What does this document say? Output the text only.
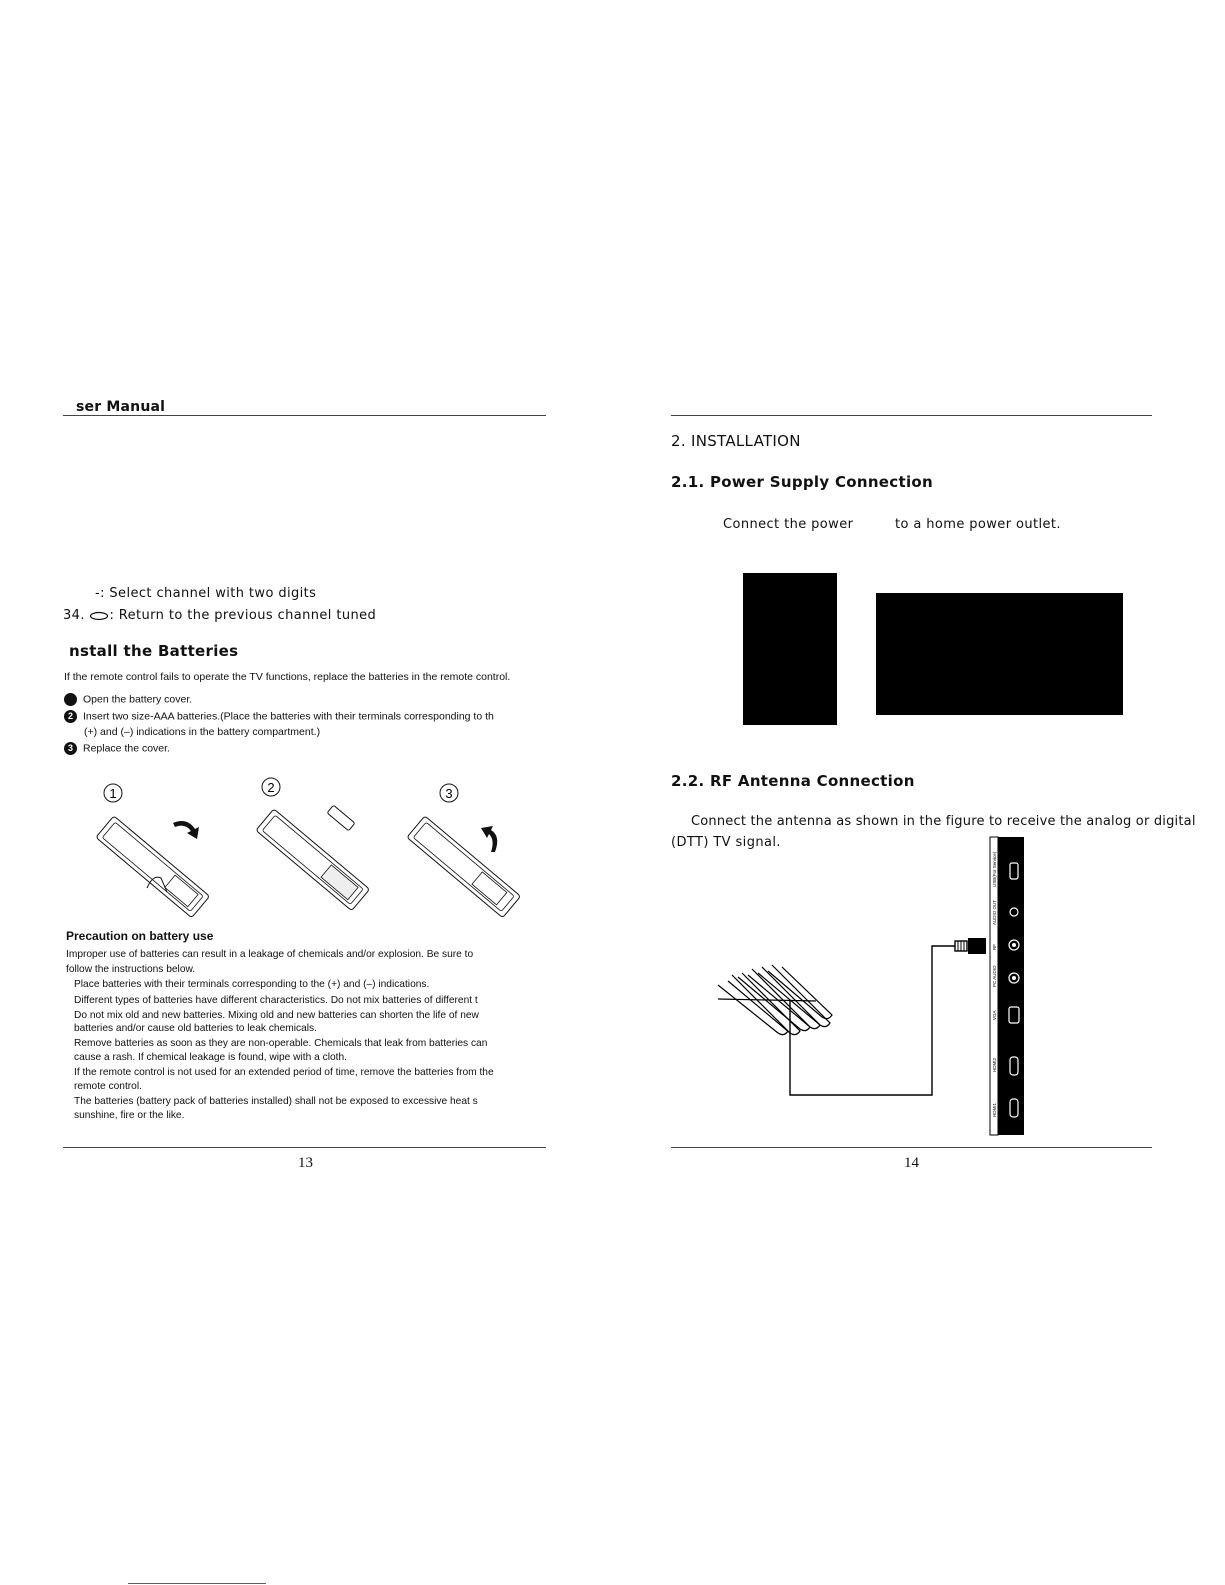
ser Manual
-: Select channel with two digits
34. : Return to the previous channel tuned
nstall the Batteries
If the remote control fails to operate the TV functions, replace the batteries in the remote control.
Open the battery cover.
2 Insert two size-AAA batteries.(Place the batteries with their terminals corresponding to th
(+) and (–) indications in the battery compartment.)
3 Replace the cover.
1	2	3
Precaution on battery use
Improper use of batteries can result in a leakage of chemicals and/or explosion. Be sure to
follow the instructions below.
Place batteries with their terminals corresponding to the (+) and (–) indications.
Different types of batteries have different characteristics. Do not mix batteries of different t
Do not mix old and new batteries. Mixing old and new batteries can shorten the life of new
batteries and/or cause old batteries to leak chemicals.
Remove batteries as soon as they are non-operable. Chemicals that leak from batteries can
cause a rash. If chemical leakage is found, wipe with a cloth.
If the remote control is not used for an extended period of time, remove the batteries from the
remote control.
The batteries (battery pack of batteries installed) shall not be exposed to excessive heat s
sunshine, fire or the like.
13
2. INSTALLATION
2.1. Power Supply Connection
Connect the power	to a home power outlet.
2.2. RF Antenna Connection
Connect the antenna as shown in the figure to receive the analog or digital
(DTT) TV signal.
USB(For Service)
AUDIO OUT
RF
PC AUDIO
VGA
HDMI2
HDMI1
14
